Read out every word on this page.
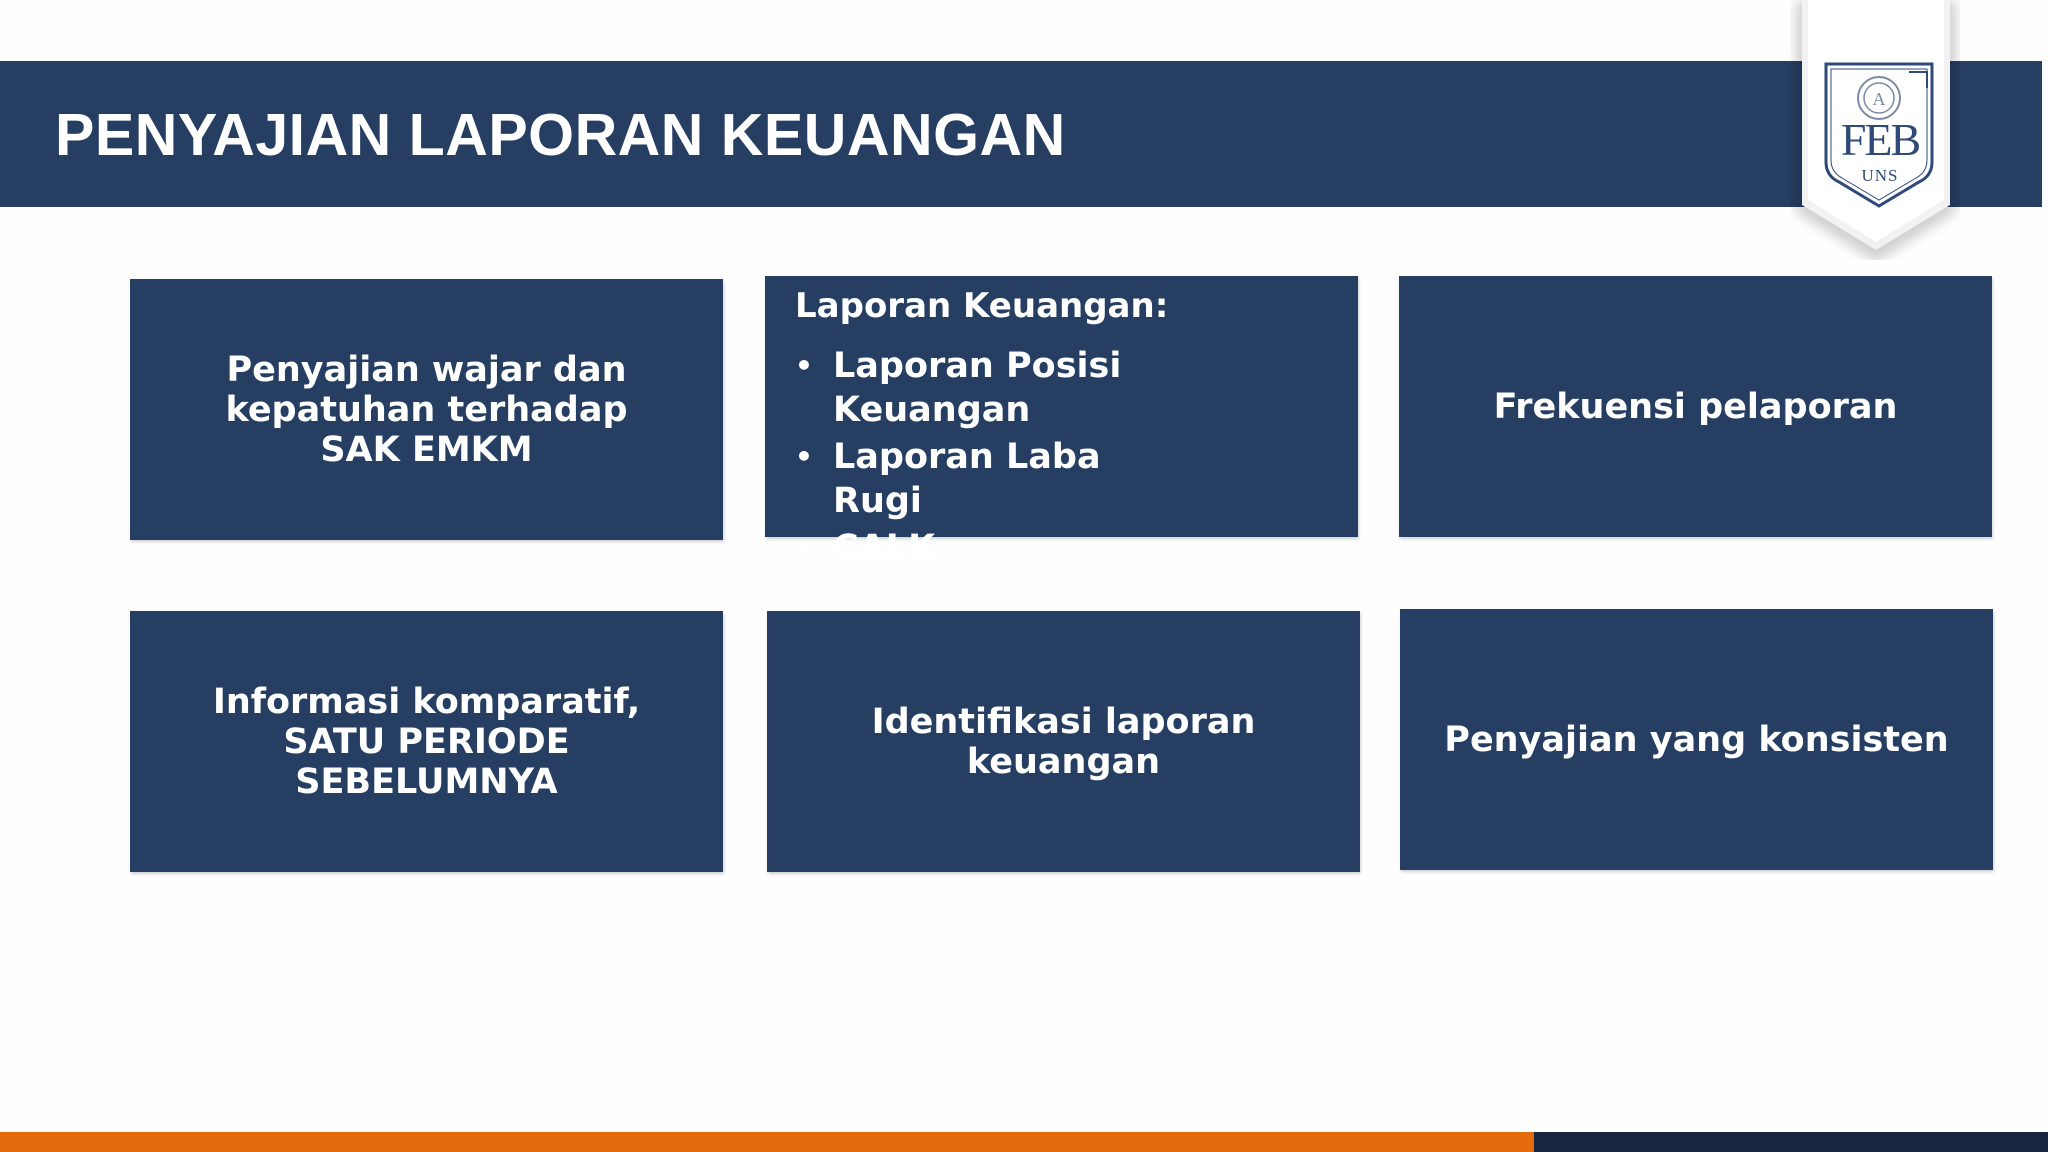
PENYAJIAN LAPORAN KEUANGAN
A
FEB
UNS
Penyajian wajar dan
kepatuhan terhadap
SAK EMKM
Laporan Keuangan:
• Laporan Posisi Keuangan
• Laporan Laba Rugi
• CALK
Frekuensi pelaporan
Informasi komparatif,
SATU PERIODE
SEBELUMNYA
Identifikasi laporan
keuangan
Penyajian yang konsisten
